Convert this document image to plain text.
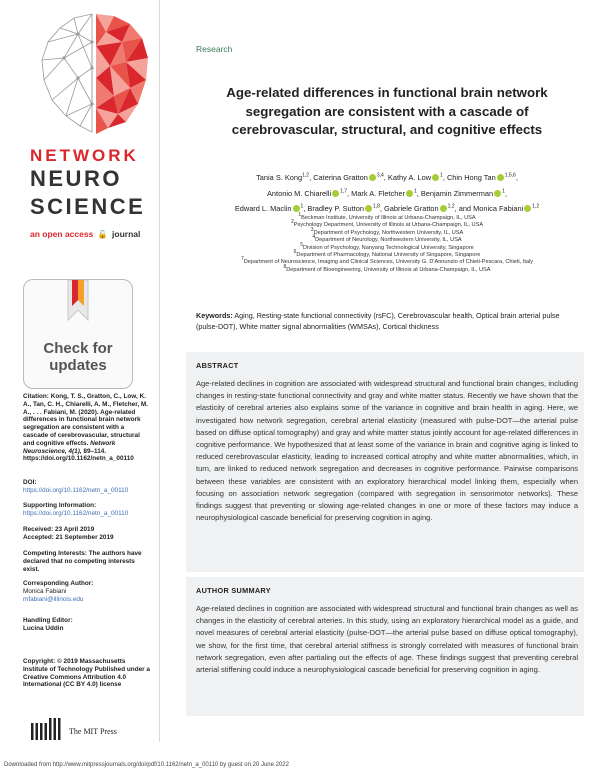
NETWORK
NEURO
SCIENCE
an open access 🔓 journal
Check for updates
Citation: Kong, T. S., Gratton, C., Low, K. A., Tan, C. H., Chiarelli, A. M., Fletcher, M. A., . . . Fabiani, M. (2020). Age-related differences in functional brain network segregation are consistent with a cascade of cerebrovascular, structural and cognitive effects. Network Neuroscience, 4(1), 89–114. https://doi.org/10.1162/netn_a_00110
DOI:
https://doi.org/10.1162/netn_a_00110
Supporting Information:
https://doi.org/10.1162/netn_a_00110
Received: 23 April 2019
Accepted: 21 September 2019
Competing Interests: The authors have declared that no competing interests exist.
Corresponding Author:
Monica Fabiani
mfabiani@illinois.edu
Handling Editor:
Lucina Uddin
Copyright: © 2019 Massachusetts Institute of Technology Published under a Creative Commons Attribution 4.0 International (CC BY 4.0) license
The MIT Press
Research
Age-related differences in functional brain network segregation are consistent with a cascade of cerebrovascular, structural, and cognitive effects
Tania S. Kong$^{1,2}$, Caterina Gratton $^{3,4}$, Kathy A. Low $^1$, Chin Hong Tan $^{1,5,6}$,
Antonio M. Chiarelli $^{1,7}$, Mark A. Fletcher $^1$, Benjamin Zimmerman $^1$,
Edward L. Maclin $^1$, Bradley P. Sutton $^{1,8}$, Gabriele Gratton $^{1,2}$, and Monica Fabiani $^{1,2}$
1Beckman Institute, University of Illinois at Urbana-Champaign, IL, USA
2Psychology Department, University of Illinois at Urbana-Champaign, IL, USA
3Department of Psychology, Northwestern University, IL, USA
4Department of Neurology, Northwestern University, IL, USA
5Division of Psychology, Nanyang Technological University, Singapore
6Department of Pharmacology, National University of Singapore, Singapore
7Department of Neuroscience, Imaging and Clinical Sciences, University G. D'Annunzio of Chieti-Pescara, Chieti, Italy
8Department of Bioengineering, University of Illinois at Urbana-Champaign, IL, USA
Keywords: Aging, Resting-state functional connectivity (rsFC), Cerebrovascular health, Optical brain arterial pulse (pulse-DOT), White matter signal abnormalities (WMSAs), Cortical thickness
ABSTRACT
Age-related declines in cognition are associated with widespread structural and functional brain changes, including changes in resting-state functional connectivity and gray and white matter status. Recently we have shown that the elasticity of cerebral arteries also explains some of the variance in cognitive and brain health in aging. Here, we investigated how network segregation, cerebral arterial elasticity (measured with pulse-DOT—the arterial pulse based on diffuse optical tomography) and gray and white matter status jointly account for age-related differences in cognitive performance. We hypothesized that at least some of the variance in brain and cognitive aging is linked to reduced cerebrovascular elasticity, leading to increased cortical atrophy and white matter abnormalities, which, in turn, are linked to reduced network segregation and decreases in cognitive performance. Pairwise comparisons between these variables are consistent with an exploratory hierarchical model linking them, especially when focusing on association network segregation (compared with segregation in sensorimotor networks). These findings suggest that preventing or slowing age-related changes in one or more of these factors may induce a neurophysiological cascade beneficial for preserving cognition in aging.
AUTHOR SUMMARY
Age-related declines in cognition are associated with widespread structural and functional brain changes as well as changes in the elasticity of cerebral arteries. In this study, using an exploratory hierarchical model as a guide, and novel measures of cerebral arterial elasticity (pulse-DOT—the arterial pulse based on diffuse optical tomography), we show, for the first time, that cerebral arterial stiffness is strongly correlated with measures of functional brain network segregation, even after partialing out the effects of age. These findings suggest that preventing cerebral arterial stiffening could induce a neurophysiological cascade beneficial for preserving cognition in aging.
Downloaded from http://www.mitpressjournals.org/doi/pdf/10.1162/netn_a_00110 by guest on 20 June 2022
